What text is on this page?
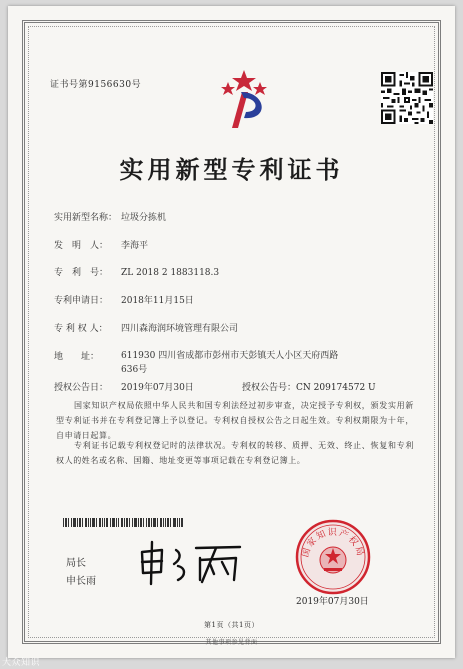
证书号第9156630号
实用新型专利证书
实用新型名称： 垃圾分拣机
发　明　人： 李海平
专　利　号： ZL 2018 2 1883118.3
专利申请日： 2018年11月15日
专 利 权 人： 四川森海润环境管理有限公司
地　　址： 611930 四川省成都市彭州市天彭镇天人小区天府西路636号
授权公告日： 2019年07月30日	授权公告号：CN 209174572 U

国家知识产权局依照中华人民共和国专利法经过初步审查，决定授予专利权，颁发实用新型专利证书并在专利登记簿上予以登记。专利权自授权公告之日起生效。专利权期限为十年，自申请日起算。

专利证书记载专利权登记时的法律状况。专利权的转移、质押、无效、终止、恢复和专利权人的姓名或名称、国籍、地址变更等事项记载在专利登记簿上。

局长
申长雨
国家知识产权局
2019年07月30日
第1页（共1页）
其他事项参见背面
大众知识
